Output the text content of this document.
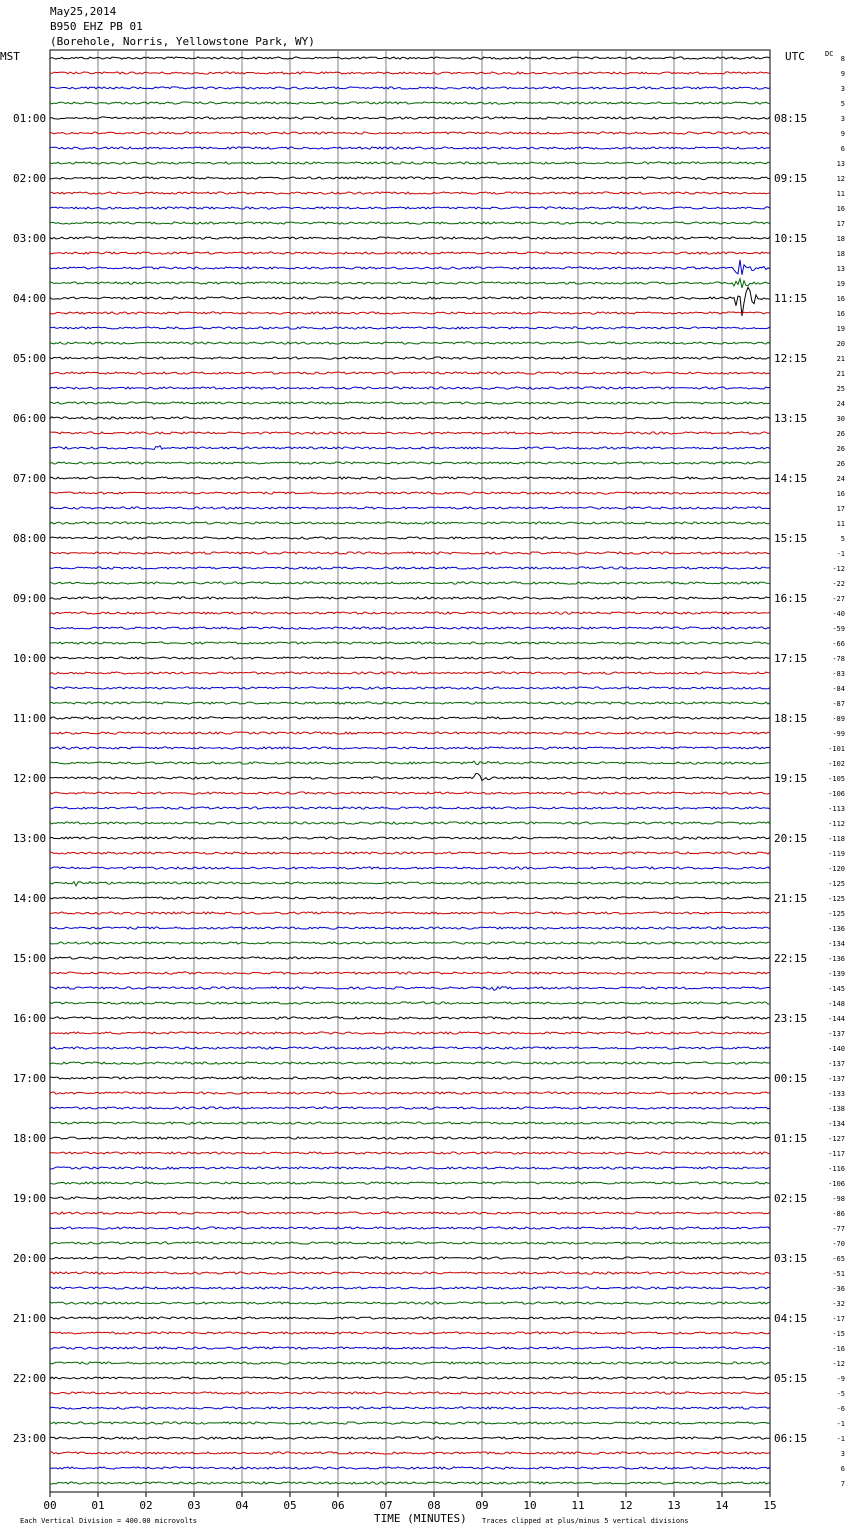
May25,2014
B950 EHZ PB 01
(Borehole, Norris, Yellowstone Park, WY)
MST	UTC	DC
01:00
02:00
03:00
04:00
05:00
06:00
07:00
08:00
09:00
10:00
11:00
12:00
13:00
14:00
15:00
16:00
17:00
18:00
19:00
20:00
21:00
22:00
23:00
08:15
09:15
10:15
11:15
12:15
13:15
14:15
15:15
16:15
17:15
18:15
19:15
20:15
21:15
22:15
23:15
00:15
01:15
02:15
03:15
04:15
05:15
06:15
8
9
3
5
3
9
6
13
12
11
16
17
18
18
13
19
16
16
19
20
21
21
25
24
30
26
26
26
24
16
17
11
5
-1
-12
-22
-27
-40
-59
-66
-78
-83
-84
-87
-89
-99
-101
-102
-105
-106
-113
-112
-118
-119
-120
-125
-125
-125
-136
-134
-136
-139
-145
-148
-144
-137
-140
-137
-137
-133
-138
-134
-127
-117
-116
-106
-98
-86
-77
-70
-65
-51
-36
-32
-17
-15
-16
-12
-9
-5
-6
-1
-1
3
6
7
00	01	02	03	04	05	06	07	08	09	10	11	12	13	14	15
Each Vertical Division = 400.00 microvolts	TIME (MINUTES) Traces clipped at plus/minus 5 vertical divisions
